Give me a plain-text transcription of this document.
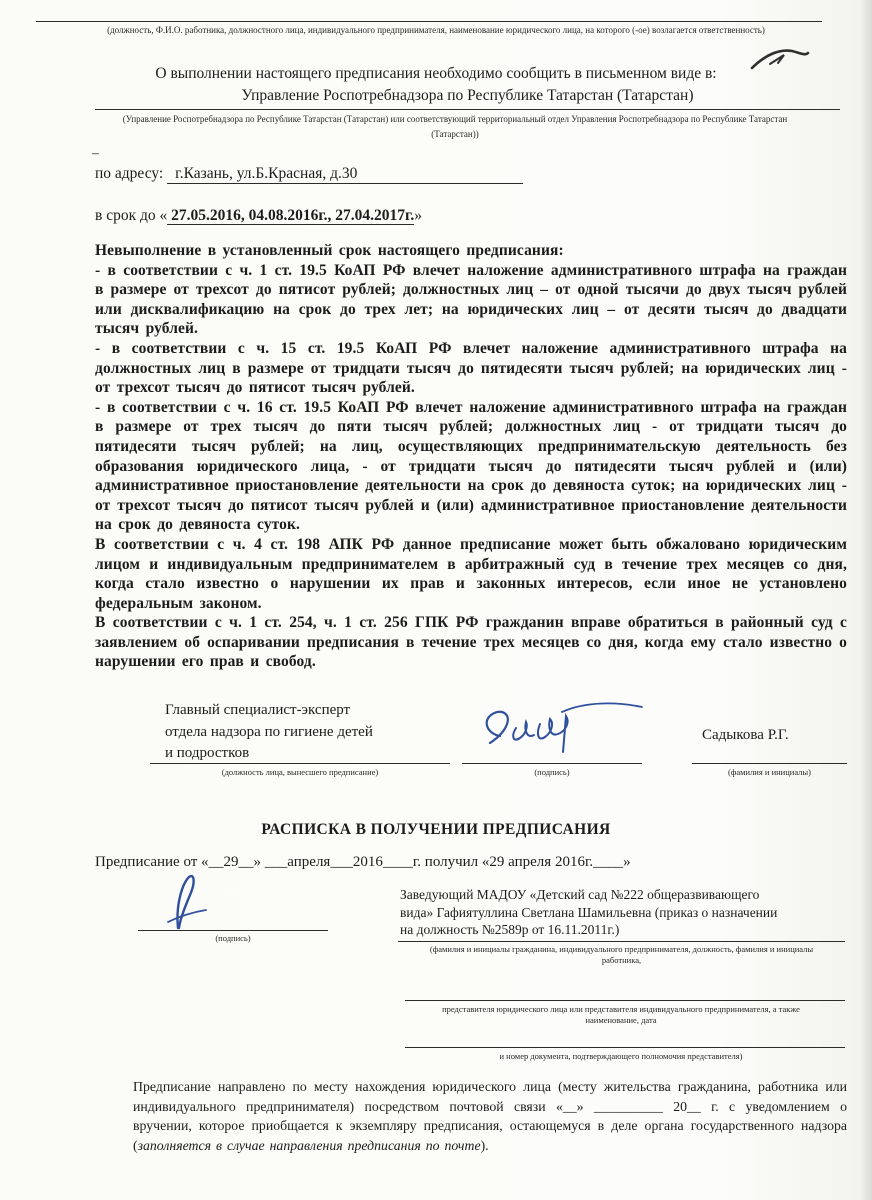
(должность, Ф.И.О. работника, должностного лица, индивидуального предпринимателя, наименование юридического лица, на которого (-ое) возлагается ответственность)
О выполнении настоящего предписания необходимо сообщить в письменном виде в:
Управление Роспотребнадзора по Республике Татарстан (Татарстан)
(Управление Роспотребнадзора по Республике Татарстан (Татарстан) или соответствующий территориальный отдел Управления Роспотребнадзора по Республике Татарстан
(Татарстан))
–
по адресу: г.Казань, ул.Б.Красная, д.30
в срок до « 27.05.2016, 04.08.2016г., 27.04.2017г.»

Невыполнение в установленный срок настоящего предписания:

- в соответствии с ч. 1 ст. 19.5 КоАП РФ влечет наложение административного штрафа на граждан в размере от трехсот до пятисот рублей; должностных лиц – от одной тысячи до двух тысяч рублей или дисквалификацию на срок до трех лет; на юридических лиц – от десяти тысяч до двадцати тысяч рублей.

- в соответствии с ч. 15 ст. 19.5 КоАП РФ влечет наложение административного штрафа на должностных лиц в размере от тридцати тысяч до пятидесяти тысяч рублей; на юридических лиц - от трехсот тысяч до пятисот тысяч рублей.

- в соответствии с ч. 16 ст. 19.5 КоАП РФ влечет наложение административного штрафа на граждан в размере от трех тысяч до пяти тысяч рублей; должностных лиц - от тридцати тысяч до пятидесяти тысяч рублей; на лиц, осуществляющих предпринимательскую деятельность без образования юридического лица, - от тридцати тысяч до пятидесяти тысяч рублей и (или) административное приостановление деятельности на срок до девяноста суток; на юридических лиц - от трехсот тысяч до пятисот тысяч рублей и (или) административное приостановление деятельности на срок до девяноста суток.

В соответствии с ч. 4 ст. 198 АПК РФ данное предписание может быть обжаловано юридическим лицом и индивидуальным предпринимателем в арбитражный суд в течение трех месяцев со дня, когда стало известно о нарушении их прав и законных интересов, если иное не установлено федеральным законом.

В соответствии с ч. 1 ст. 254, ч. 1 ст. 256 ГПК РФ гражданин вправе обратиться в районный суд с заявлением об оспаривании предписания в течение трех месяцев со дня, когда ему стало известно о нарушении его прав и свобод.

Главный специалист-эксперт
отдела надзора по гигиене детей
и подростков
Садыкова Р.Г.
(должность лица, вынесшего предписание)	(подпись)	(фамилия и инициалы)
РАСПИСКА В ПОЛУЧЕНИИ ПРЕДПИСАНИЯ
Предписание от «__29__» ___апреля___2016____г. получил «29 апреля 2016г.____»
(подпись)
Заведующий МАДОУ «Детский сад №222 общеразвивающего
вида» Гафиятуллина Светлана Шамильевна (приказ о назначении
на должность №2589р от 16.11.2011г.)
(фамилия и инициалы гражданина, индивидуального предпринимателя, должность, фамилия и инициалы
работника,
представителя юридического лица или представителя индивидуального предпринимателя, а также
наименование, дата
и номер документа, подтверждающего полномочия представителя)
Предписание направлено по месту нахождения юридического лица (месту жительства гражданина, работника или индивидуального предпринимателя) посредством почтовой связи «__» __________ 20__ г. с уведомлением о вручении, которое приобщается к экземпляру предписания, остающемуся в деле органа государственного надзора (заполняется в случае направления предписания по почте).
